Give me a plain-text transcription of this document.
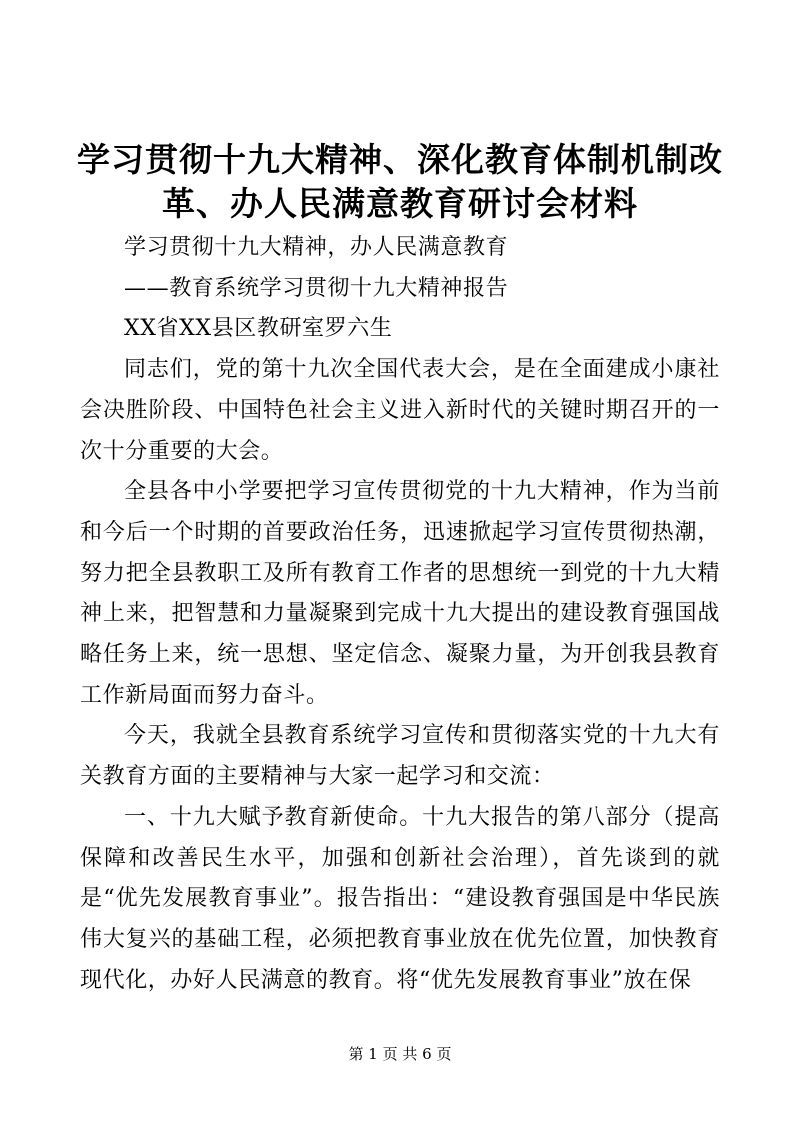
学习贯彻十九大精神、深化教育体制机制改
革、办人民满意教育研讨会材料

学习贯彻十九大精神，办人民满意教育

——教育系统学习贯彻十九大精神报告

XX省XX县区教研室罗六生

同志们，党的第十九次全国代表大会，是在全面建成小康社会决胜阶段、中国特色社会主义进入新时代的关键时期召开的一次十分重要的大会。

全县各中小学要把学习宣传贯彻党的十九大精神，作为当前和今后一个时期的首要政治任务，迅速掀起学习宣传贯彻热潮，努力把全县教职工及所有教育工作者的思想统一到党的十九大精神上来，把智慧和力量凝聚到完成十九大提出的建设教育强国战略任务上来，统一思想、坚定信念、凝聚力量，为开创我县教育工作新局面而努力奋斗。

今天，我就全县教育系统学习宣传和贯彻落实党的十九大有关教育方面的主要精神与大家一起学习和交流：

一、十九大赋予教育新使命。十九大报告的第八部分（提高保障和改善民生水平，加强和创新社会治理），首先谈到的就是“优先发展教育事业”。报告指出：“建设教育强国是中华民族伟大复兴的基础工程，必须把教育事业放在优先位置，加快教育现代化，办好人民满意的教育。将“优先发展教育事业”放在保

第 1 页 共 6 页
